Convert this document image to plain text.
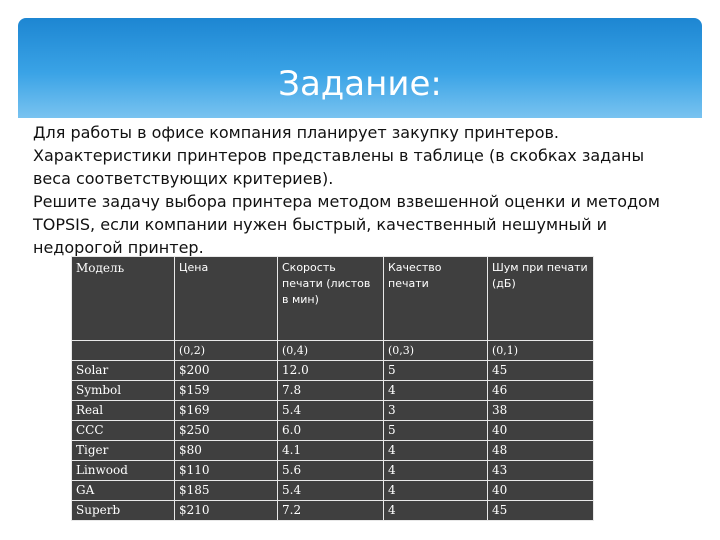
Задание:

Для работы в офисе компания планирует закупку принтеров. Характеристики принтеров представлены в таблице (в скобках заданы веса соответствующих критериев).

Решите задачу выбора принтера методом взвешенной оценки и методом TOPSIS, если компании нужен быстрый, качественный нешумный и недорогой принтер.

Модель	Цена	Скорость печати (листов в мин)	Качество печати	Шум при печати (дБ)
	(0,2)	(0,4)	(0,3)	(0,1)
Solar	$200	12.0	5	45
Symbol	$159	7.8	4	46
Real	$169	5.4	3	38
CCC	$250	6.0	5	40
Tiger	$80	4.1	4	48
Linwood	$110	5.6	4	43
GA	$185	5.4	4	40
Superb	$210	7.2	4	45
